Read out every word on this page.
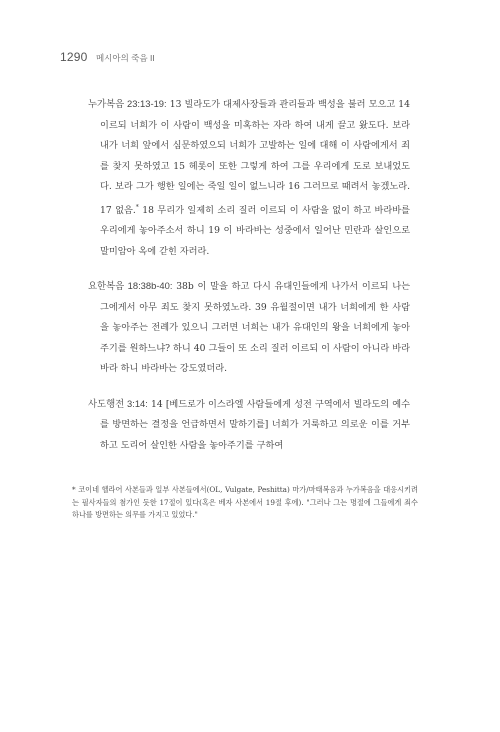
1290 메시아의 죽음 II

누가복음 23:13-19: 13 빌라도가 대제사장들과 관리들과 백성을 불러 모으고 14 이르되 너희가 이 사람이 백성을 미혹하는 자라 하여 내게 끌고 왔도다. 보라 내가 너희 앞에서 심문하였으되 너희가 고발하는 일에 대해 이 사람에게서 죄를 찾지 못하였고 15 헤롯이 또한 그렇게 하여 그를 우리에게 도로 보내었도다. 보라 그가 행한 일에는 죽일 일이 없느니라 16 그러므로 때려서 놓겠노라. 17 없음.* 18 무리가 일제히 소리 질러 이르되 이 사람을 없이 하고 바라바를 우리에게 놓아주소서 하니 19 이 바라바는 성중에서 일어난 민란과 살인으로 말미암아 옥에 갇힌 자러라.

요한복음 18:38b-40: 38b 이 말을 하고 다시 유대인들에게 나가서 이르되 나는 그에게서 아무 죄도 찾지 못하였노라. 39 유월절이면 내가 너희에게 한 사람을 놓아주는 전례가 있으니 그러면 너희는 내가 유대인의 왕을 너희에게 놓아주기를 원하느냐? 하니 40 그들이 또 소리 질러 이르되 이 사람이 아니라 바라바라 하니 바라바는 강도였더라.

사도행전 3:14: 14 [베드로가 이스라엘 사람들에게 성전 구역에서 빌라도의 예수를 방면하는 결정을 언급하면서 말하기를] 너희가 거룩하고 의로운 이를 거부하고 도리어 살인한 사람을 놓아주기를 구하여

* 코이네 헬라어 사본들과 일부 사본들에서(OL, Vulgate, Peshitta) 마가/마태복음과 누가복음을 대응시키려는 필사자들의 첨가인 듯한 17절이 있다(혹은 베자 사본에서 19절 후에). "그러나 그는 명절에 그들에게 죄수 하나를 방면하는 의무를 가지고 있었다."
